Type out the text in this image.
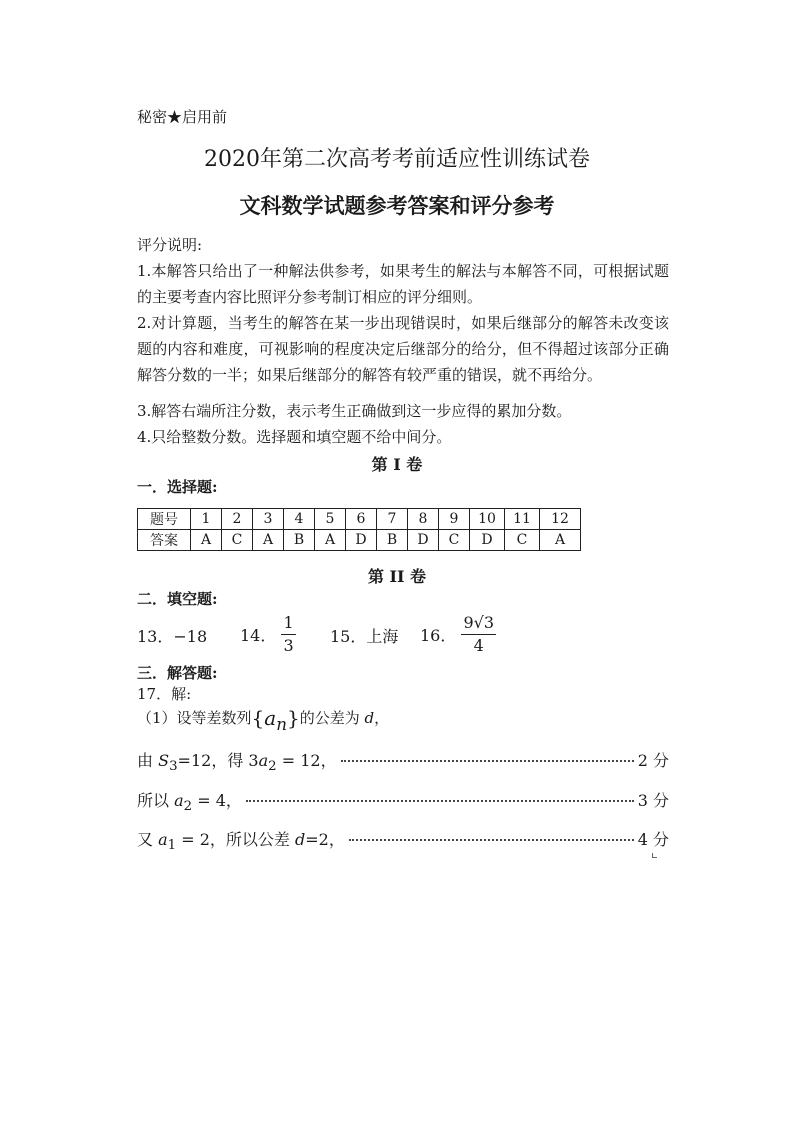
秘密★启用前
2020年第二次高考考前适应性训练试卷
文科数学试题参考答案和评分参考
评分说明:
1.本解答只给出了一种解法供参考，如果考生的解法与本解答不同，可根据试题的主要考查内容比照评分参考制订相应的评分细则。
2.对计算题，当考生的解答在某一步出现错误时，如果后继部分的解答未改变该题的内容和难度，可视影响的程度决定后继部分的给分，但不得超过该部分正确解答分数的一半；如果后继部分的解答有较严重的错误，就不再给分。
3.解答右端所注分数，表示考生正确做到这一步应得的累加分数。
4.只给整数分数。选择题和填空题不给中间分。
第 I 卷
一．选择题:
题号	1	2	3	4	5	6	7	8	9	10	11	12
答案	A	C	A	B	A	D	B	D	C	D	C	A
第 II 卷
二．填空题:
13．−18 14． $\frac{1}{3} 15$．上海 16． $\frac{9√3}{4}$
三．解答题:
17．解:
（1）设等差数列$\{a_n\}$的公差为 d，
由 $S_3=12$，得 $3a_2 = 12$，	2 分
所以 $a_2 = 4$，	3 分
又 $a_1 = 2$，所以公差 d=2，	4 分
